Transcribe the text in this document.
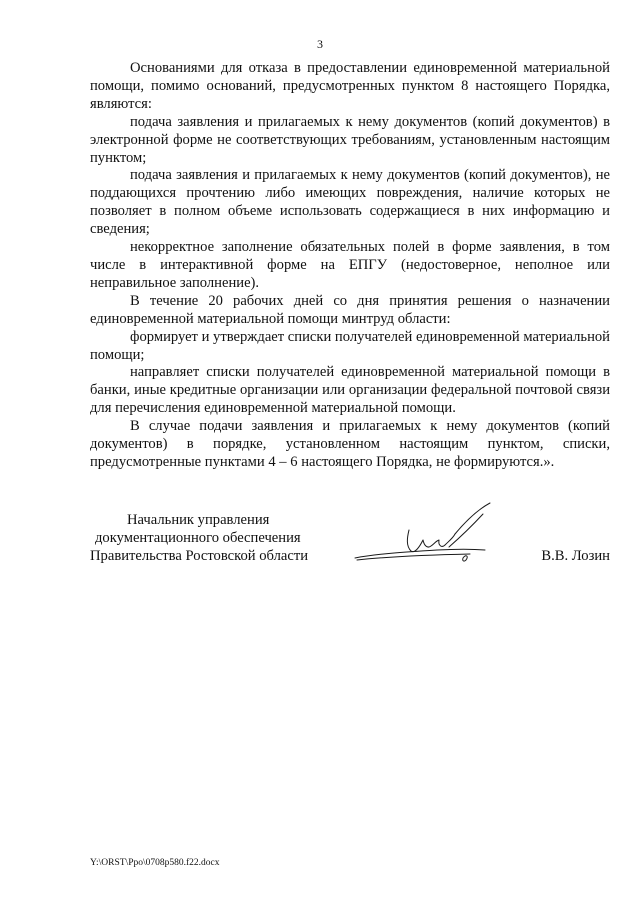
3

Основаниями для отказа в предоставлении единовременной материальной помощи, помимо оснований, предусмотренных пунктом 8 настоящего Порядка, являются:

подача заявления и прилагаемых к нему документов (копий документов) в электронной форме не соответствующих требованиям, установленным настоящим пунктом;

подача заявления и прилагаемых к нему документов (копий документов), не поддающихся прочтению либо имеющих повреждения, наличие которых не позволяет в полном объеме использовать содержащиеся в них информацию и сведения;

некорректное заполнение обязательных полей в форме заявления, в том числе в интерактивной форме на ЕПГУ (недостоверное, неполное или неправильное заполнение).

В течение 20 рабочих дней со дня принятия решения о назначении единовременной материальной помощи минтруд области:

формирует и утверждает списки получателей единовременной материальной помощи;

направляет списки получателей единовременной материальной помощи в банки, иные кредитные организации или организации федеральной почтовой связи для перечисления единовременной материальной помощи.

В случае подачи заявления и прилагаемых к нему документов (копий документов) в порядке, установленном настоящим пунктом, списки, предусмотренные пунктами 4 – 6 настоящего Порядка, не формируются.».

Начальник управления
документационного обеспечения
Правительства Ростовской области	В.В. Лозин
Y:\ORST\Ppo\0708p580.f22.docx
